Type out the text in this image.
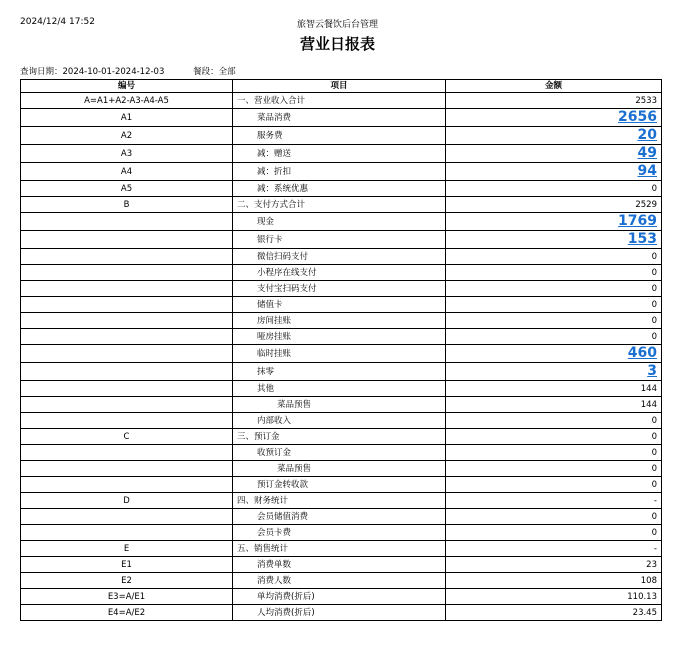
2024/12/4 17:52	旅智云餐饮后台管理
营业日报表
查询日期：2024-10-01-2024-12-03	餐段：全部
编号	项目	金额
A=A1+A2-A3-A4-A5	一、营业收入合计	2533
A1	菜品消费	2656
A2	服务费	20
A3	减：赠送	49
A4	减：折扣	94
A5	减：系统优惠	0
B	二、支付方式合计	2529
	现金	1769
	银行卡	153
	微信扫码支付	0
	小程序在线支付	0
	支付宝扫码支付	0
	储值卡	0
	房间挂账	0
	哑房挂账	0
	临时挂账	460
	抹零	3
	其他	144
	菜品预售	144
	内部收入	0
C	三、预订金	0
	收预订金	0
	菜品预售	0
	预订金转收款	0
D	四、财务统计	-
	会员储值消费	0
	会员卡费	0
E	五、销售统计	-
E1	消费单数	23
E2	消费人数	108
E3=A/E1	单均消费(折后)	110.13
E4=A/E2	人均消费(折后)	23.45
